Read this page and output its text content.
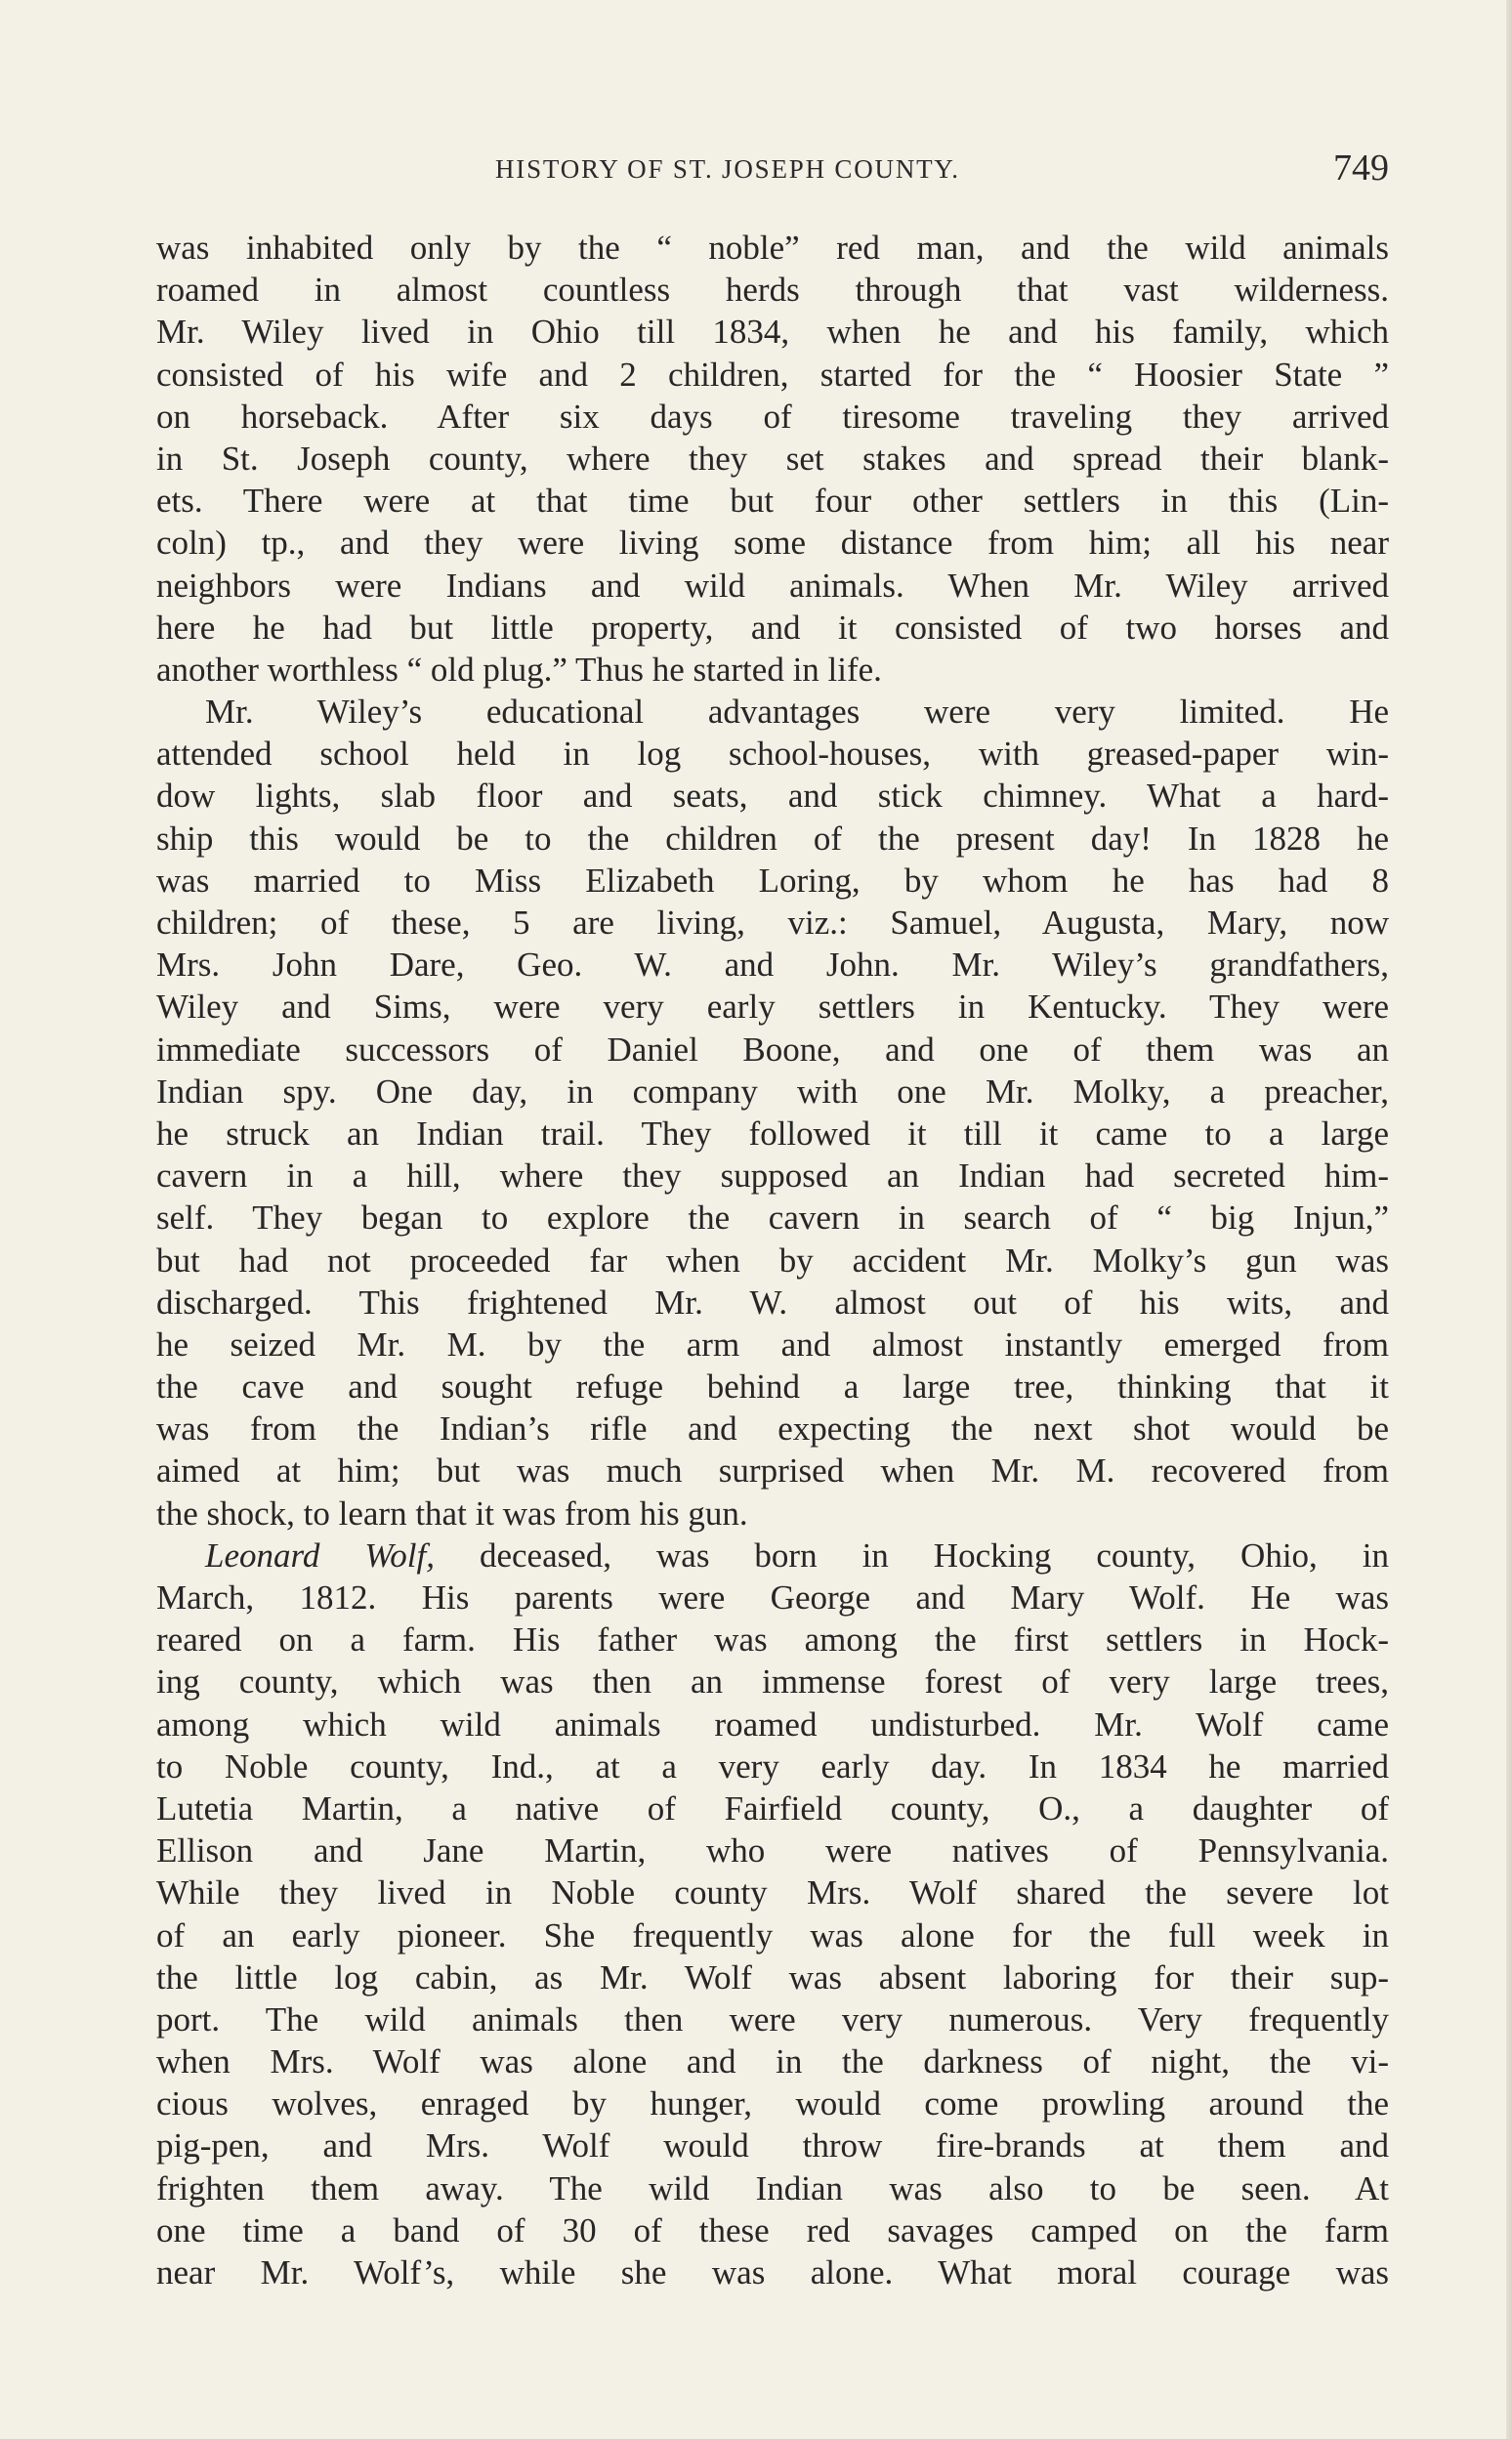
HISTORY OF ST. JOSEPH COUNTY.	749
was inhabited only by the “ noble” red man, and the wild animals
roamed in almost countless herds through that vast wilderness.
Mr. Wiley lived in Ohio till 1834, when he and his family, which
consisted of his wife and 2 children, started for the “ Hoosier State ”
on horseback. After six days of tiresome traveling they arrived
in St. Joseph county, where they set stakes and spread their blank-
ets. There were at that time but four other settlers in this (Lin-
coln) tp., and they were living some distance from him; all his near
neighbors were Indians and wild animals. When Mr. Wiley arrived
here he had but little property, and it consisted of two horses and
another worthless “ old plug.” Thus he started in life.
Mr. Wiley’s educational advantages were very limited. He
attended school held in log school-houses, with greased-paper win-
dow lights, slab floor and seats, and stick chimney. What a hard-
ship this would be to the children of the present day! In 1828 he
was married to Miss Elizabeth Loring, by whom he has had 8
children; of these, 5 are living, viz.: Samuel, Augusta, Mary, now
Mrs. John Dare, Geo. W. and John. Mr. Wiley’s grandfathers,
Wiley and Sims, were very early settlers in Kentucky. They were
immediate successors of Daniel Boone, and one of them was an
Indian spy. One day, in company with one Mr. Molky, a preacher,
he struck an Indian trail. They followed it till it came to a large
cavern in a hill, where they supposed an Indian had secreted him-
self. They began to explore the cavern in search of “ big Injun,”
but had not proceeded far when by accident Mr. Molky’s gun was
discharged. This frightened Mr. W. almost out of his wits, and
he seized Mr. M. by the arm and almost instantly emerged from
the cave and sought refuge behind a large tree, thinking that it
was from the Indian’s rifle and expecting the next shot would be
aimed at him; but was much surprised when Mr. M. recovered from
the shock, to learn that it was from his gun.
Leonard Wolf, deceased, was born in Hocking county, Ohio, in
March, 1812. His parents were George and Mary Wolf. He was
reared on a farm. His father was among the first settlers in Hock-
ing county, which was then an immense forest of very large trees,
among which wild animals roamed undisturbed. Mr. Wolf came
to Noble county, Ind., at a very early day. In 1834 he married
Lutetia Martin, a native of Fairfield county, O., a daughter of
Ellison and Jane Martin, who were natives of Pennsylvania.
While they lived in Noble county Mrs. Wolf shared the severe lot
of an early pioneer. She frequently was alone for the full week in
the little log cabin, as Mr. Wolf was absent laboring for their sup-
port. The wild animals then were very numerous. Very frequently
when Mrs. Wolf was alone and in the darkness of night, the vi-
cious wolves, enraged by hunger, would come prowling around the
pig-pen, and Mrs. Wolf would throw fire-brands at them and
frighten them away. The wild Indian was also to be seen. At
one time a band of 30 of these red savages camped on the farm
near Mr. Wolf’s, while she was alone. What moral courage was
